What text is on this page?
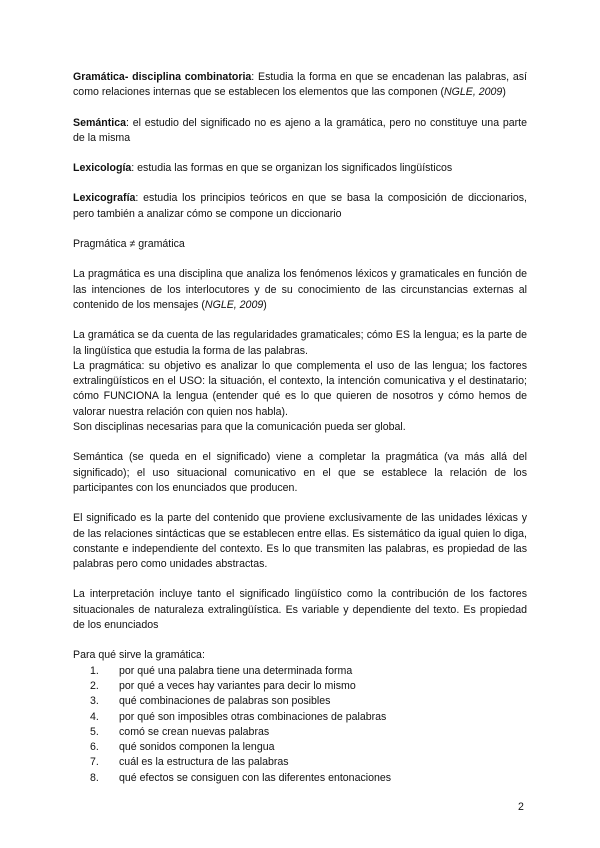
Gramática- disciplina combinatoria: Estudia la forma en que se encadenan las palabras, así como relaciones internas que se establecen los elementos que las componen (NGLE, 2009)

Semántica: el estudio del significado no es ajeno a la gramática, pero no constituye una parte de la misma

Lexicología: estudia las formas en que se organizan los significados lingüísticos

Lexicografía: estudia los principios teóricos en que se basa la composición de diccionarios, pero también a analizar cómo se compone un diccionario

Pragmática ≠ gramática

La pragmática es una disciplina que analiza los fenómenos léxicos y gramaticales en función de las intenciones de los interlocutores y de su conocimiento de las circunstancias externas al contenido de los mensajes (NGLE, 2009)

La gramática se da cuenta de las regularidades gramaticales; cómo ES la lengua; es la parte de la lingüística que estudia la forma de las palabras.

La pragmática: su objetivo es analizar lo que complementa el uso de las lengua; los factores extralingüísticos en el USO: la situación, el contexto, la intención comunicativa y el destinatario; cómo FUNCIONA la lengua (entender qué es lo que quieren de nosotros y cómo hemos de valorar nuestra relación con quien nos habla).

Son disciplinas necesarias para que la comunicación pueda ser global.

Semántica (se queda en el significado) viene a completar la pragmática (va más allá del significado); el uso situacional comunicativo en el que se establece la relación de los participantes con los enunciados que producen.

El significado es la parte del contenido que proviene exclusivamente de las unidades léxicas y de las relaciones sintácticas que se establecen entre ellas. Es sistemático da igual quien lo diga, constante e independiente del contexto. Es lo que transmiten las palabras, es propiedad de las palabras pero como unidades abstractas.

La interpretación incluye tanto el significado lingüístico como la contribución de los factores situacionales de naturaleza extralingüística. Es variable y dependiente del texto. Es propiedad de los enunciados

Para qué sirve la gramática:

1.	por qué una palabra tiene una determinada forma
2.	por qué a veces hay variantes para decir lo mismo
3.	qué combinaciones de palabras son posibles
4.	por qué son imposibles otras combinaciones de palabras
5.	comó se crean nuevas palabras
6.	qué sonidos componen la lengua
7.	cuál es la estructura de las palabras
8.	qué efectos se consiguen con las diferentes entonaciones
2
